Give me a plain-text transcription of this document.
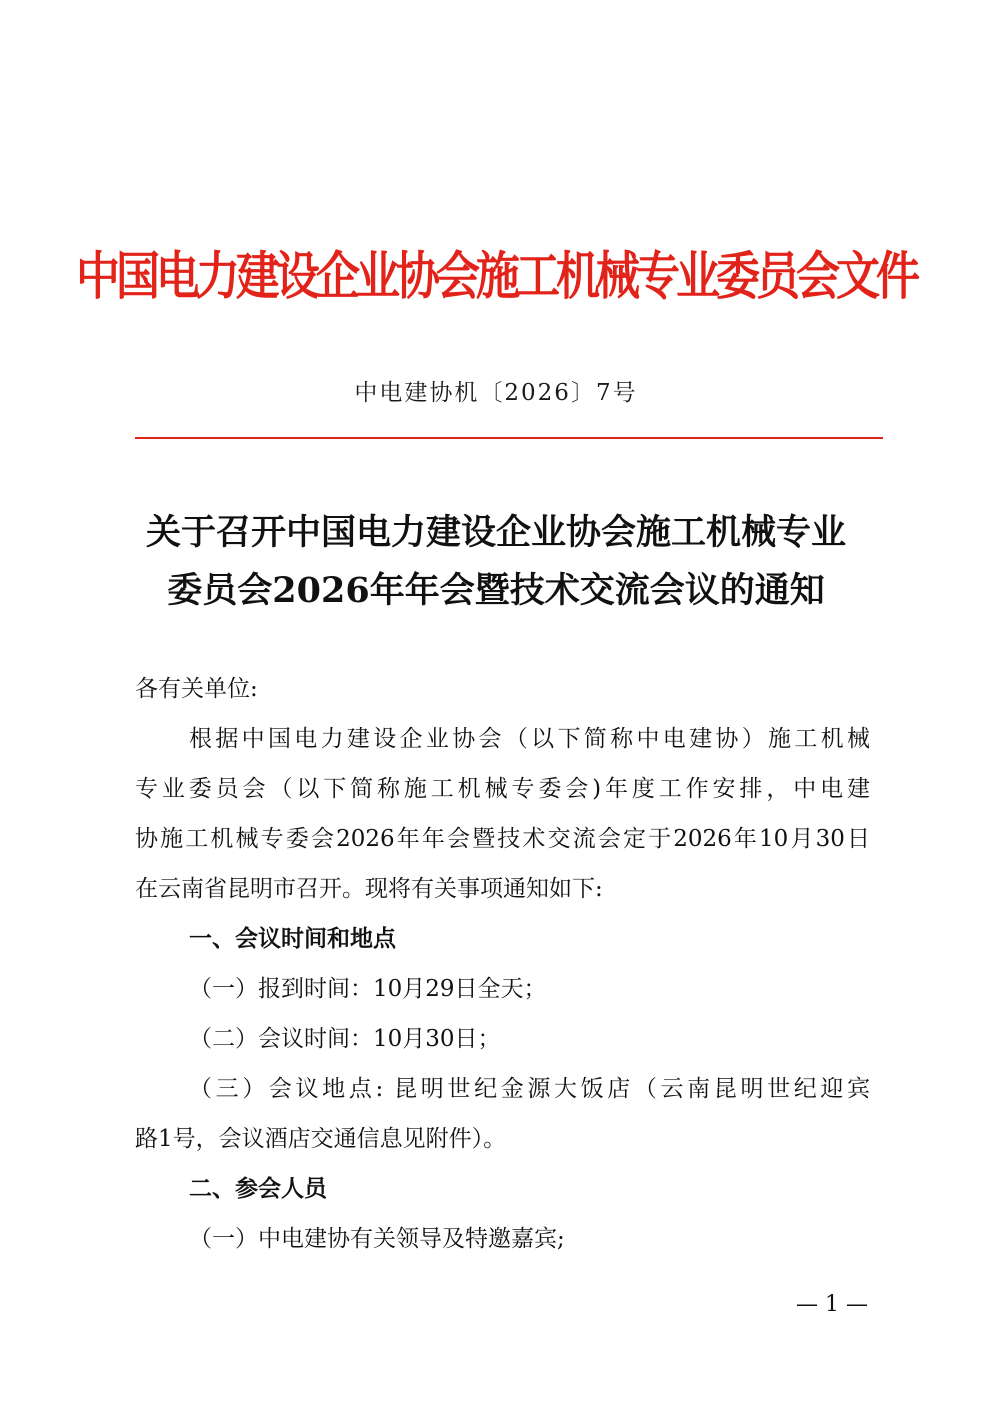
中国电力建设企业协会施工机械专业委员会文件
中电建协机〔2026〕7号
关于召开中国电力建设企业协会施工机械专业
委员会2026年年会暨技术交流会议的通知
各有关单位:
根据中国电力建设企业协会（以下简称中电建协）施工机械
专业委员会（以下简称施工机械专委会)年度工作安排，中电建
协施工机械专委会2026年年会暨技术交流会定于2026年10月30日
在云南省昆明市召开。现将有关事项通知如下:
一、会议时间和地点
（一）报到时间：10月29日全天；
（二）会议时间：10月30日；
（三）会议地点: 昆明世纪金源大饭店（云南昆明世纪迎宾
路1号，会议酒店交通信息见附件）。
二、参会人员
（一）中电建协有关领导及特邀嘉宾;
— 1 —
